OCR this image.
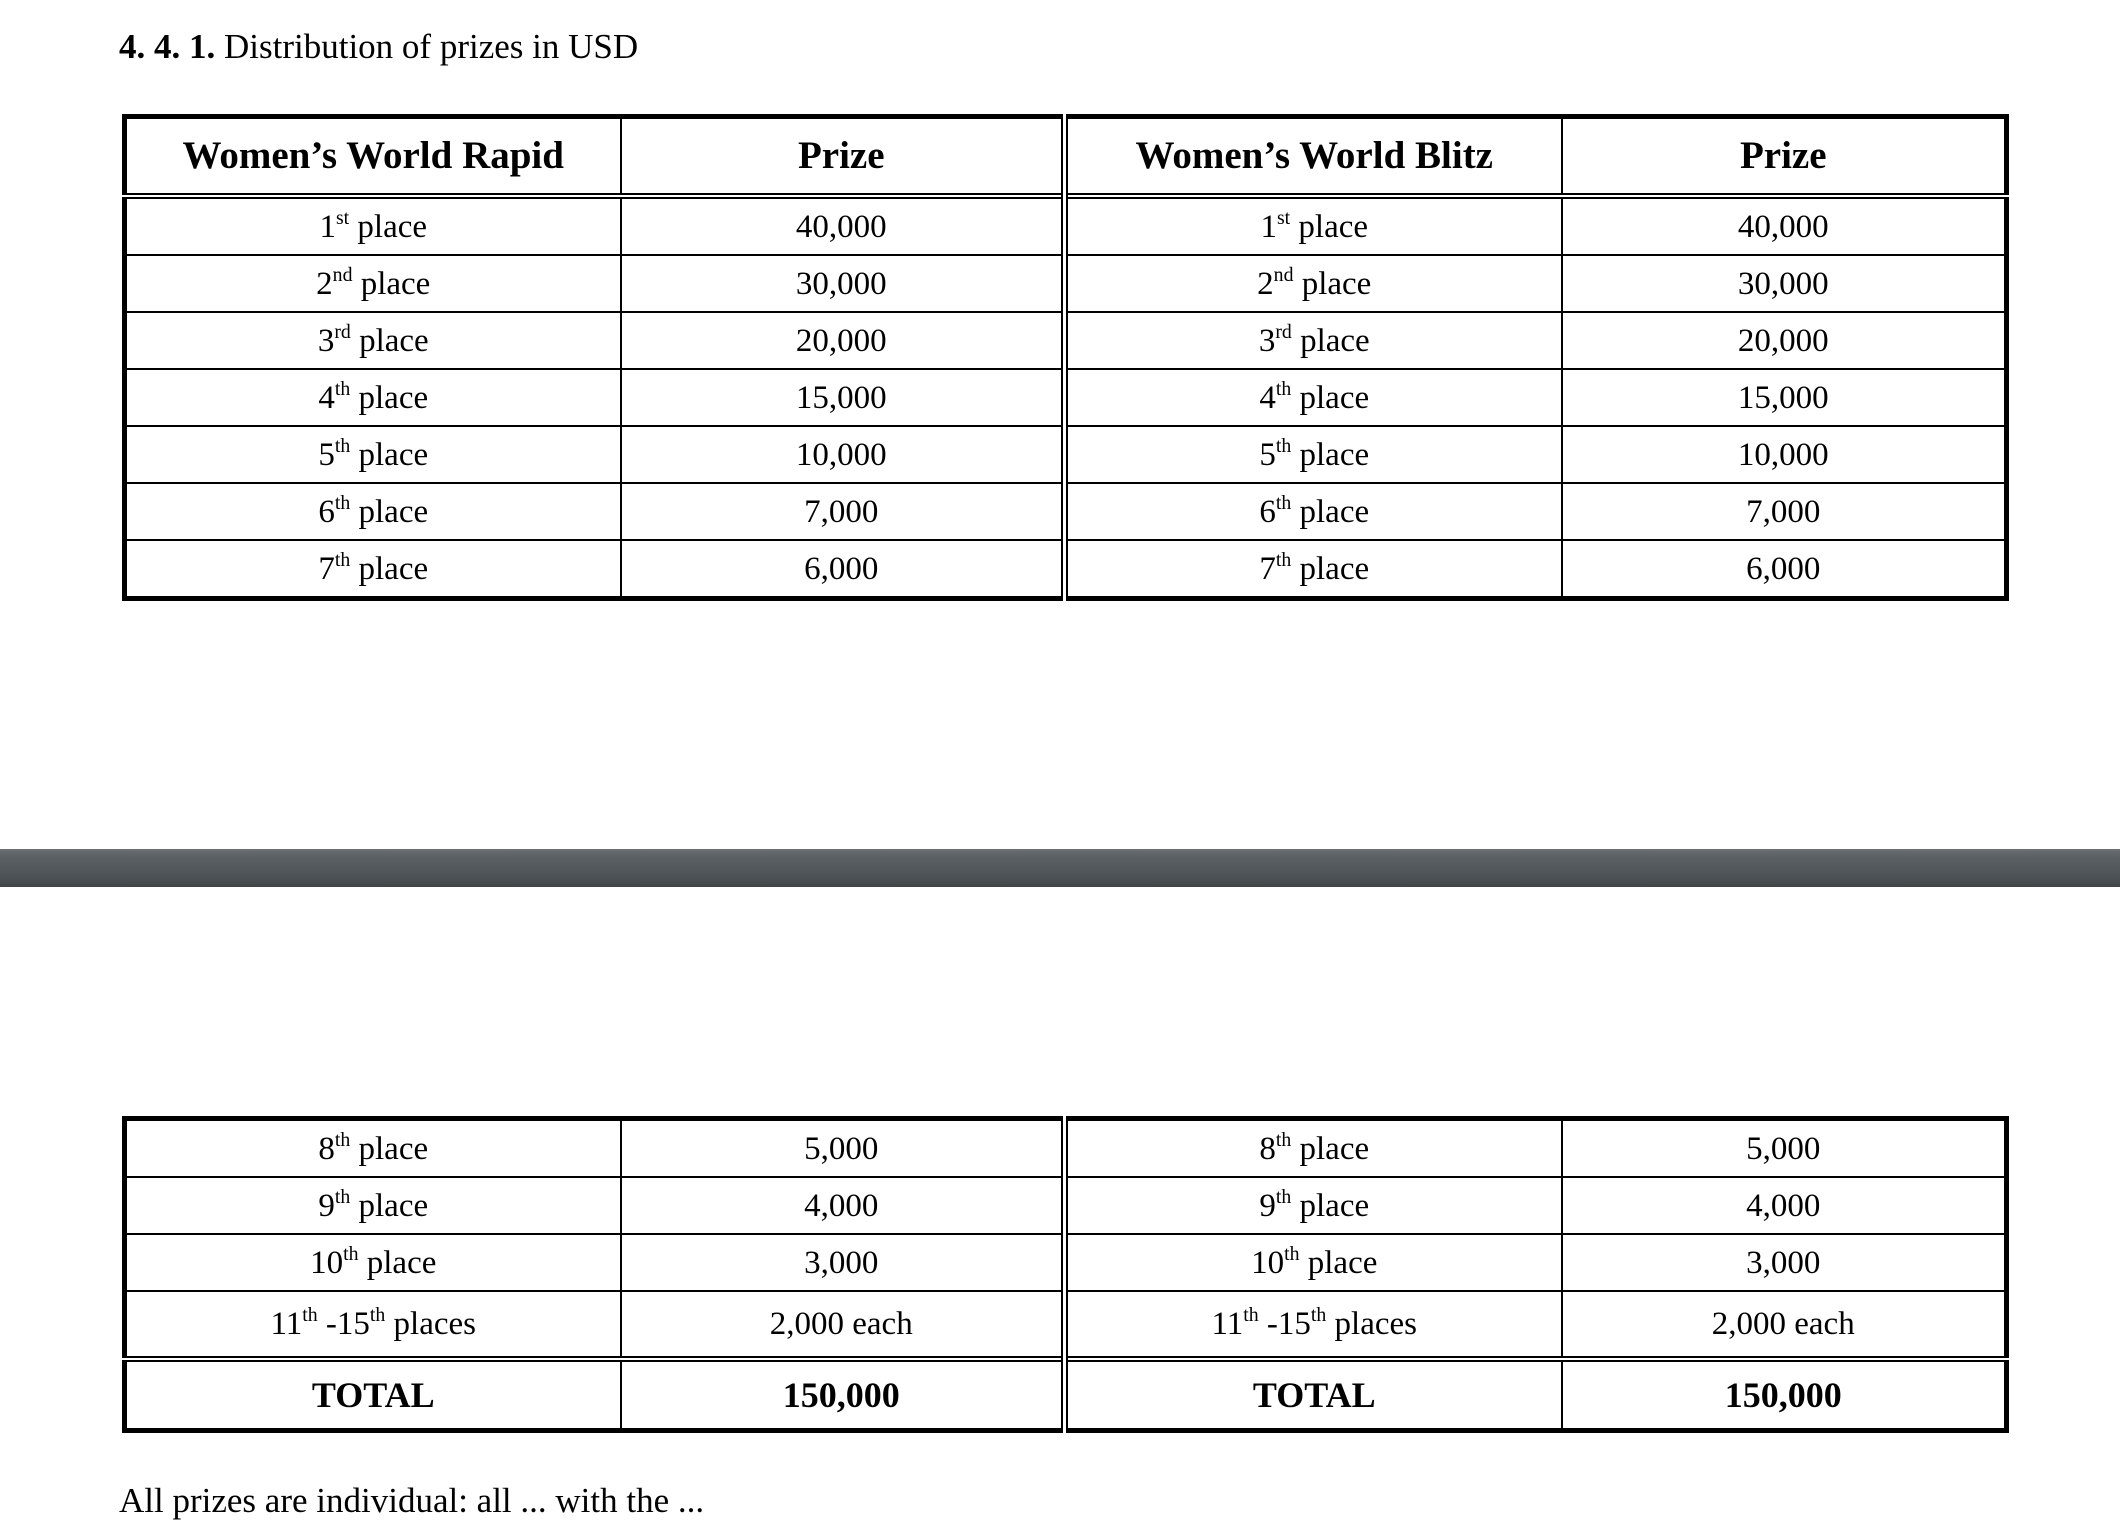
4. 4. 1. Distribution of prizes in USD
Women’s World Rapid	Prize	Women’s World Blitz	Prize
1st place	40,000	1st place	40,000
2nd place	30,000	2nd place	30,000
3rd place	20,000	3rd place	20,000
4th place	15,000	4th place	15,000
5th place	10,000	5th place	10,000
6th place	7,000	6th place	7,000
7th place	6,000	7th place	6,000
8th place	5,000	8th place	5,000
9th place	4,000	9th place	4,000
10th place	3,000	10th place	3,000
11th -15th places	2,000 each	11th -15th places	2,000 each
TOTAL	150,000	TOTAL	150,000
All prizes are individual: all ... with the ...
